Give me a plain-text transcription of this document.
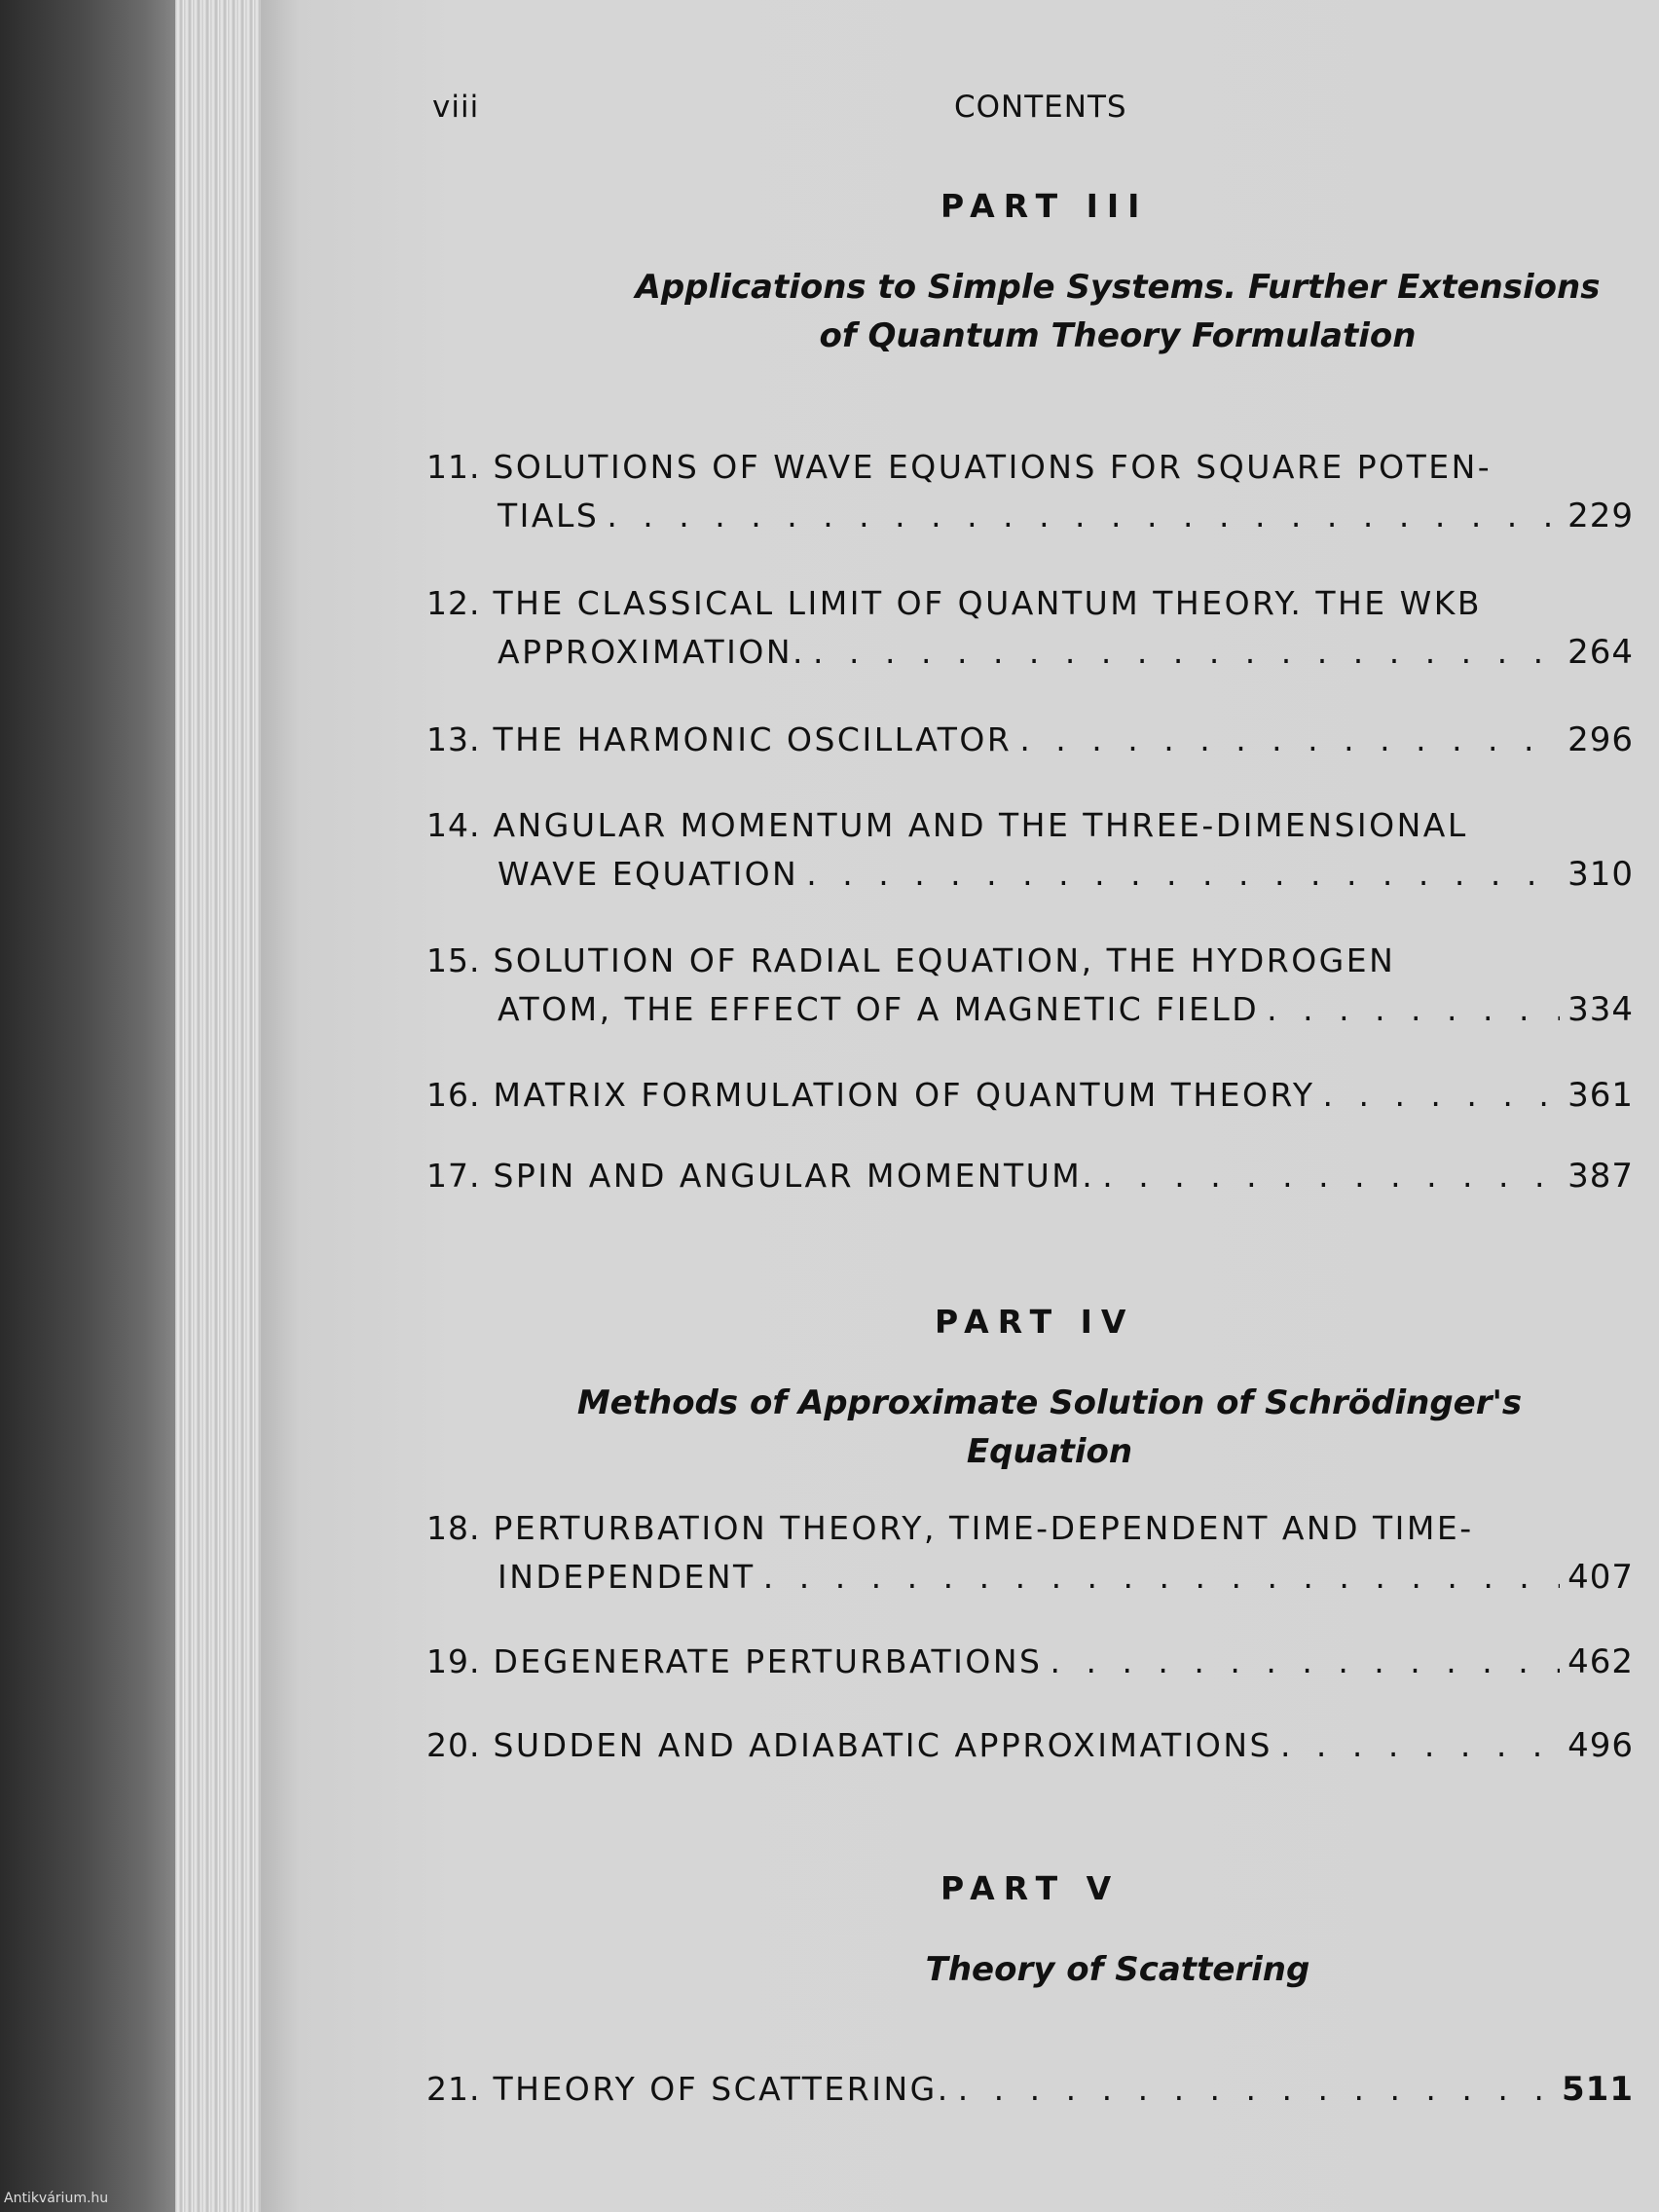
viii	CONTENTS
PART III
Applications to Simple Systems. Further Extensions
of Quantum Theory Formulation
11. SOLUTIONS OF WAVE EQUATIONS FOR SQUARE POTEN-
TIALS . . .	229
12. THE CLASSICAL LIMIT OF QUANTUM THEORY. THE WKB
APPROXIMATION. . . .	264
13.
THE HARMONIC OSCILLATOR . . .	296
14. ANGULAR MOMENTUM AND THE THREE-DIMENSIONAL
WAVE EQUATION . . .	310
15. SOLUTION OF RADIAL EQUATION, THE HYDROGEN
ATOM, THE EFFECT OF A MAGNETIC FIELD . . .	334
16.
MATRIX FORMULATION OF QUANTUM THEORY . . .	361
17.
SPIN AND ANGULAR MOMENTUM. . . .	387
PART IV
Methods of Approximate Solution of Schrödinger's Equation
18. PERTURBATION THEORY, TIME-DEPENDENT AND TIME-
INDEPENDENT . . .	407
19.
DEGENERATE PERTURBATIONS . . .	462
20.
SUDDEN AND ADIABATIC APPROXIMATIONS . . .	496
PART V
Theory of Scattering
21.
THEORY OF SCATTERING. . . .	511
Antikvárium.hu
